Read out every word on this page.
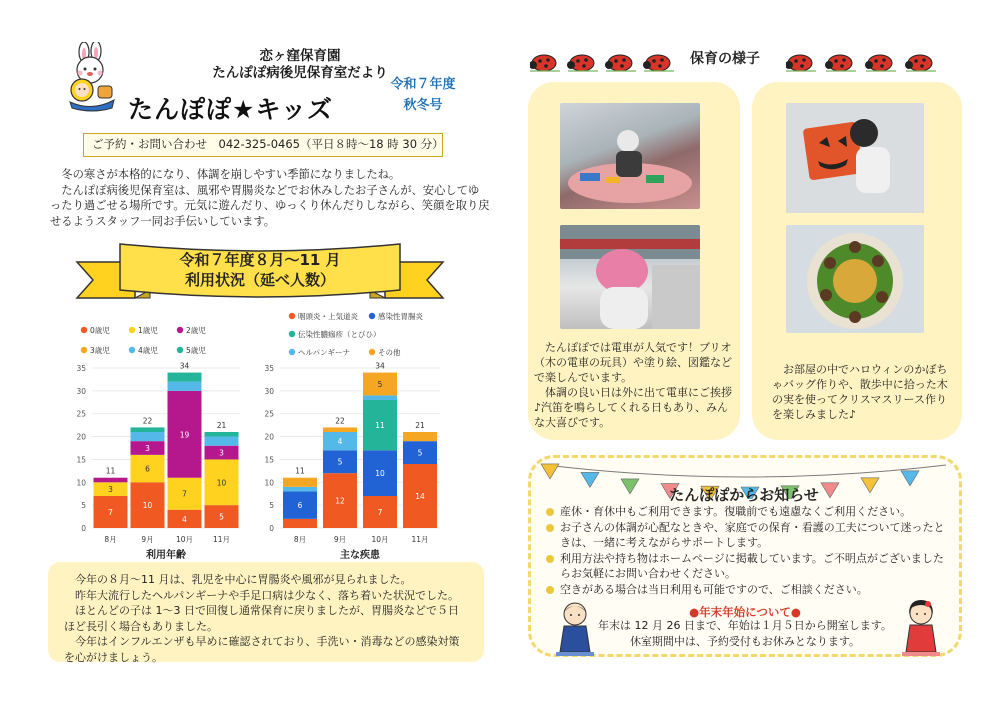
恋ヶ窪保育園
たんぽぽ病後児保育室だより
たんぽぽ★キッズ
令和７年度
秋冬号
ご予約・お問い合わせ　042-325-0465（平日８時～18 時 30 分）

冬の寒さが本格的になり、体調を崩しやすい季節になりましたね。

たんぽぽ病後児保育室は、風邪や胃腸炎などでお休みしたお子さんが、安心してゆったり過ごせる場所です。元気に遊んだり、ゆっくり休んだりしながら、笑顔を取り戻せるようスタッフ一同お手伝いしています。

令和７年度８月～11 月
利用状況（延べ人数）
0歳児	1歳児	2歳児
3歳児	4歳児	5歳児
0
5
10
15
20
25
30
35
7
3
11
8月
10
6
3
22
9月
4
7
19
34
10月
5
10
3
21
11月
利用年齢
咽頭炎・上気道炎	感染性胃腸炎
伝染性膿痂疹（とびひ）
ヘルパンギーナ	その他
0
5
10
15
20
25
30
35
6
11
8月
12
5
4
22
9月
7
10
11
5
34
10月
14
5
21
11月
主な疾患

今年の８月～11 月は、乳児を中心に胃腸炎や風邪が見られました。

昨年大流行したヘルパンギーナや手足口病は少なく、落ち着いた状況でした。

ほとんどの子は 1～3 日で回復し通常保育に戻りましたが、胃腸炎などで５日ほど長引く場合もありました。

今年はインフルエンザも早めに確認されており、手洗い・消毒などの感染対策を心がけましょう。

保育の様子

たんぽぽでは電車が人気です！ブリオ（木の電車の玩具）や塗り絵、図鑑などで楽しんでいます。

体調の良い日は外に出て電車にご挨拶♪汽笛を鳴らしてくれる日もあり、みんな大喜びです。

お部屋の中でハロウィンのかぼちゃバッグ作りや、散歩中に拾った木の実を使ってクリスマスリース作りを楽しみました♪
たんぽぽからお知らせ
産休・育休中もご利用できます。復職前でも遠慮なくご利用ください。
お子さんの体調が心配なときや、家庭での保育・看護の工夫について迷ったときは、一緒に考えながらサポートします。
利用方法や持ち物はホームページに掲載しています。ご不明点がございましたらお気軽にお問い合わせください。
空きがある場合は当日利用も可能ですので、ご相談ください。
●年末年始について●
年末は 12 月 26 日まで、年始は１月５日から開室します。
休室期間中は、予約受付もお休みとなります。
